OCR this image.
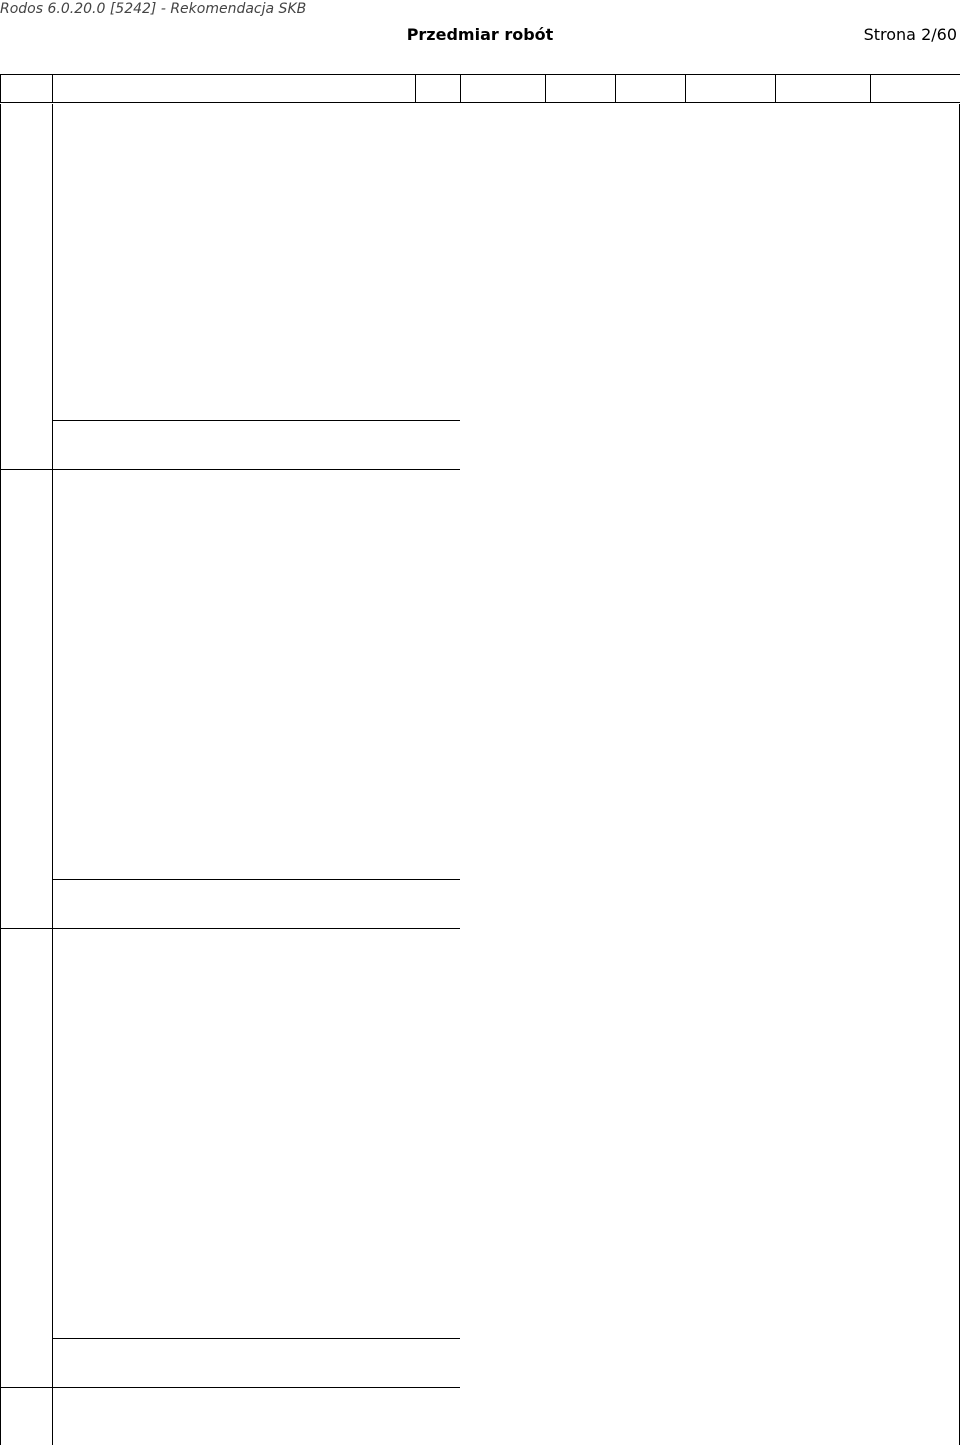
Rodos 6.0.20.0 [5242] - Rekomendacja SKB
Przedmiar robót	Strona 2/60
